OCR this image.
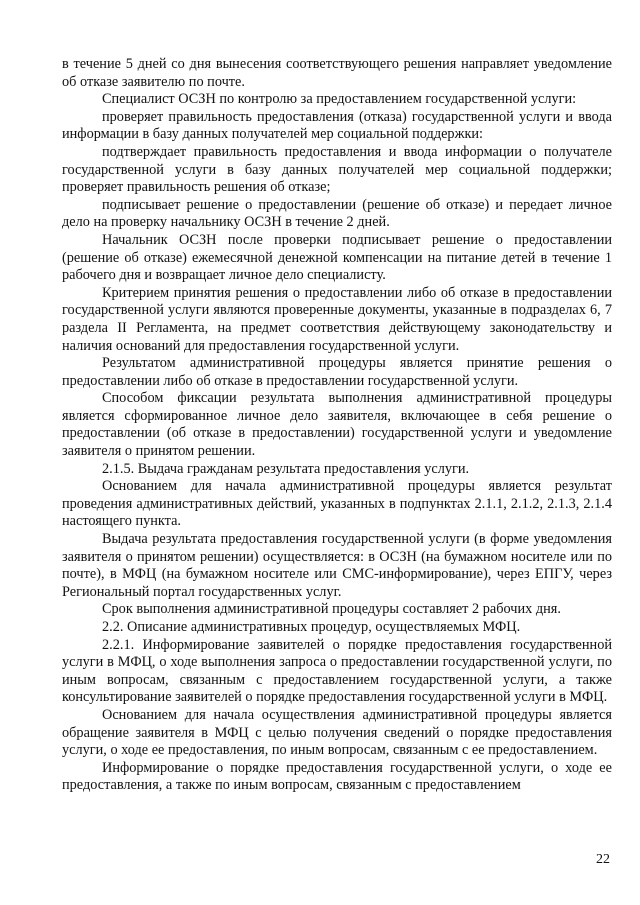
в течение 5 дней со дня вынесения соответствующего решения направляет уведомление об отказе заявителю по почте.

Специалист ОСЗН по контролю за предоставлением государственной услуги:

проверяет правильность предоставления (отказа) государственной услуги и ввода информации в базу данных получателей мер социальной поддержки:

подтверждает правильность предоставления и ввода информации о получателе государственной услуги в базу данных получателей мер социальной поддержки; проверяет правильность решения об отказе;

подписывает решение о предоставлении (решение об отказе) и передает личное дело на проверку начальнику ОСЗН в течение 2 дней.

Начальник ОСЗН после проверки подписывает решение о предоставлении (решение об отказе) ежемесячной денежной компенсации на питание детей в течение 1 рабочего дня и возвращает личное дело специалисту.

Критерием принятия решения о предоставлении либо об отказе в предоставлении государственной услуги являются проверенные документы, указанные в подразделах 6, 7 раздела II Регламента, на предмет соответствия действующему законодательству и наличия оснований для предоставления государственной услуги.

Результатом административной процедуры является принятие решения о предоставлении либо об отказе в предоставлении государственной услуги.

Способом фиксации результата выполнения административной процедуры является сформированное личное дело заявителя, включающее в себя решение о предоставлении (об отказе в предоставлении) государственной услуги и уведомление заявителя о принятом решении.

2.1.5. Выдача гражданам результата предоставления услуги.

Основанием для начала административной процедуры является результат проведения административных действий, указанных в подпунктах 2.1.1, 2.1.2, 2.1.3, 2.1.4 настоящего пункта.

Выдача результата предоставления государственной услуги (в форме уведомления заявителя о принятом решении) осуществляется: в ОСЗН (на бумажном носителе или по почте), в МФЦ (на бумажном носителе или СМС-информирование), через ЕПГУ, через Региональный портал государственных услуг.

Срок выполнения административной процедуры составляет 2 рабочих дня.

2.2. Описание административных процедур, осуществляемых МФЦ.

2.2.1. Информирование заявителей о порядке предоставления государственной услуги в МФЦ, о ходе выполнения запроса о предоставлении государственной услуги, по иным вопросам, связанным с предоставлением государственной услуги, а также консультирование заявителей о порядке предоставления государственной услуги в МФЦ.

Основанием для начала осуществления административной процедуры является обращение заявителя в МФЦ с целью получения сведений о порядке предоставления услуги, о ходе ее предоставления, по иным вопросам, связанным с ее предоставлением.

Информирование о порядке предоставления государственной услуги, о ходе ее предоставления, а также по иным вопросам, связанным с предоставлением

22
